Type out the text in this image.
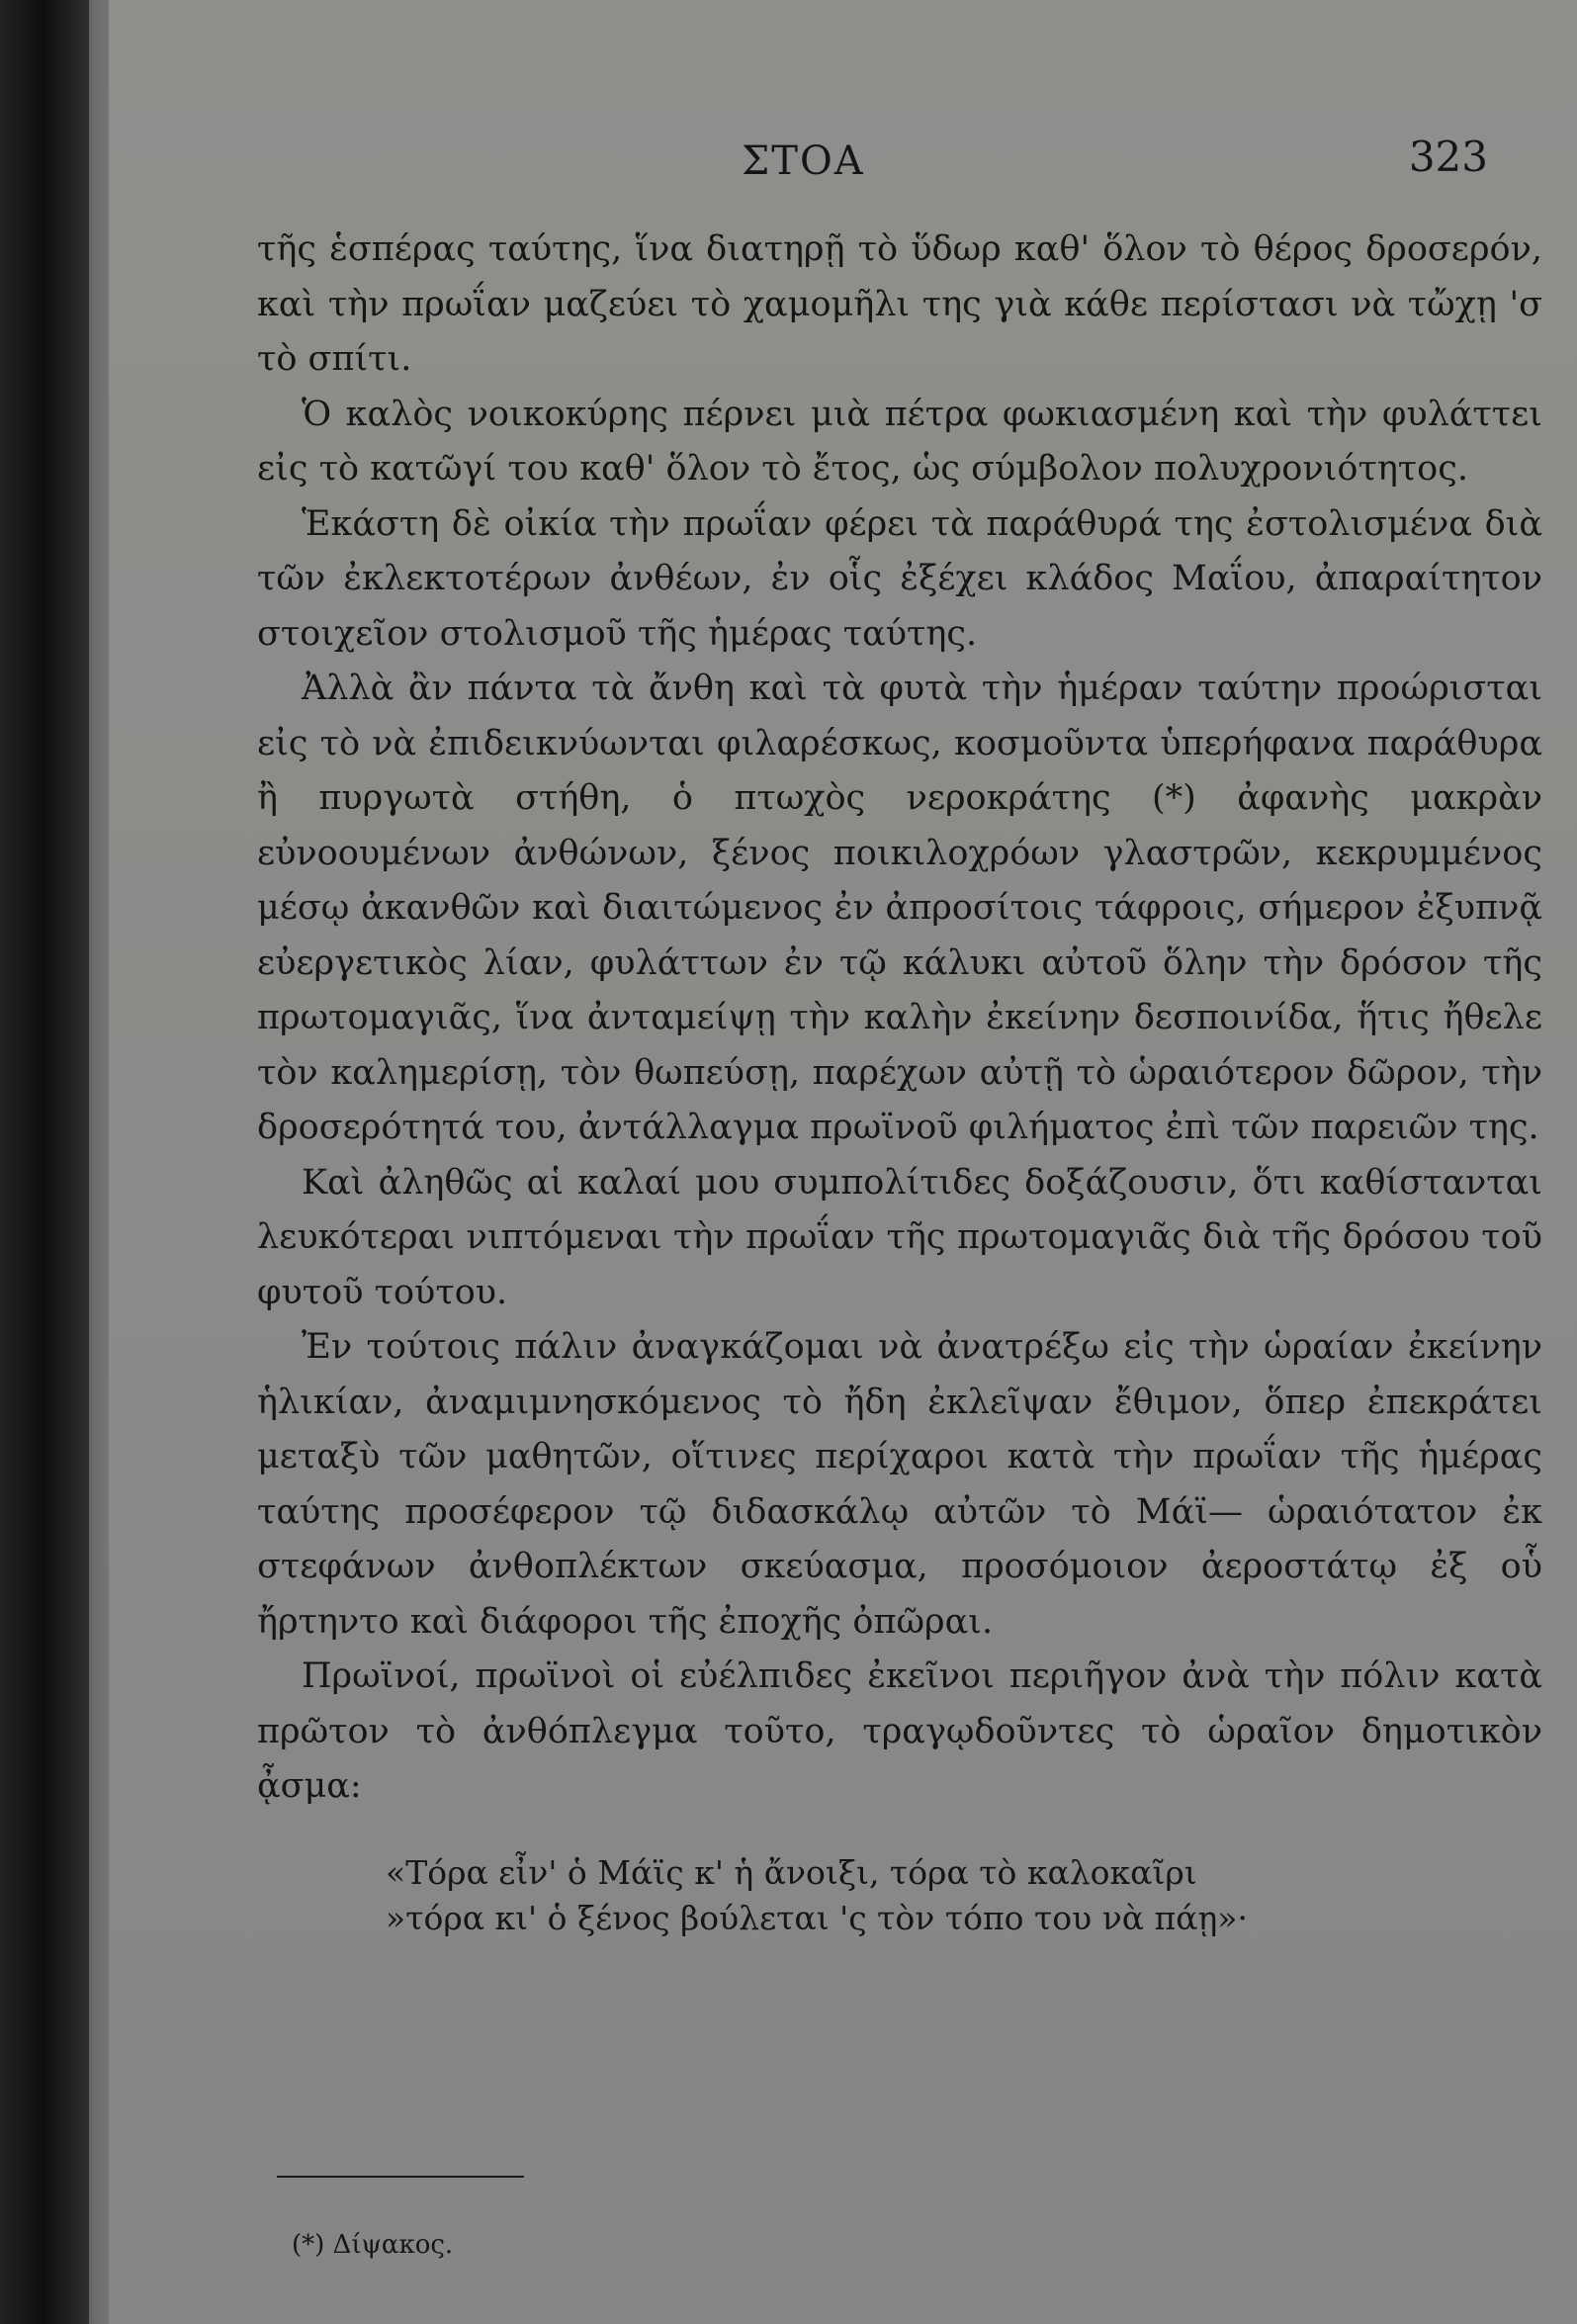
ΣΤΟΑ	323

τῆς ἑσπέρας ταύτης, ἵνα διατηρῇ τὸ ὕδωρ καθ' ὅλον τὸ θέρος δροσερόν, καὶ τὴν πρωΐαν μαζεύει τὸ χαμομῆλι της γιὰ κάθε περίστασι νὰ τὤχῃ 'σ τὸ σπίτι.

Ὁ καλὸς νοικοκύρης πέρνει μιὰ πέτρα φωκιασμένη καὶ τὴν φυλάττει εἰς τὸ κατῶγί του καθ' ὅλον τὸ ἔτος, ὡς σύμβολον πολυχρονιότητος.

Ἑκάστη δὲ οἰκία τὴν πρωΐαν φέρει τὰ παράθυρά της ἐστολισμένα διὰ τῶν ἐκλεκτοτέρων ἀνθέων, ἐν οἷς ἐξέχει κλάδος Μαΐου, ἀπαραίτητον στοιχεῖον στολισμοῦ τῆς ἡμέρας ταύτης.

Ἀλλὰ ἂν πάντα τὰ ἄνθη καὶ τὰ φυτὰ τὴν ἡμέραν ταύτην προώρισται εἰς τὸ νὰ ἐπιδεικνύωνται φιλαρέσκως, κοσμοῦντα ὑπερήφανα παράθυρα ἢ πυργωτὰ στήθη, ὁ πτωχὸς νεροκράτης (*) ἀφανὴς μακρὰν εὐνοουμένων ἀνθώνων, ξένος ποικιλοχρόων γλαστρῶν, κεκρυμμένος μέσῳ ἀκανθῶν καὶ διαιτώμενος ἐν ἀπροσίτοις τάφροις, σήμερον ἐξυπνᾷ εὐεργετικὸς λίαν, φυλάττων ἐν τῷ κάλυκι αὐτοῦ ὅλην τὴν δρόσον τῆς πρωτομαγιᾶς, ἵνα ἀνταμείψῃ τὴν καλὴν ἐκείνην δεσποινίδα, ἥτις ἤθελε τὸν καλημερίσῃ, τὸν θωπεύσῃ, παρέχων αὐτῇ τὸ ὡραιότερον δῶρον, τὴν δροσερότητά του, ἀντάλλαγμα πρωϊνοῦ φιλήματος ἐπὶ τῶν παρειῶν της.

Καὶ ἀληθῶς αἱ καλαί μου συμπολίτιδες δοξάζουσιν, ὅτι καθίστανται λευκότεραι νιπτόμεναι τὴν πρωΐαν τῆς πρωτομαγιᾶς διὰ τῆς δρόσου τοῦ φυτοῦ τούτου.

Ἐν τούτοις πάλιν ἀναγκάζομαι νὰ ἀνατρέξω εἰς τὴν ὡραίαν ἐκείνην ἡλικίαν, ἀναμιμνησκόμενος τὸ ἤδη ἐκλεῖψαν ἔθιμον, ὅπερ ἐπεκράτει μεταξὺ τῶν μαθητῶν, οἵτινες περίχαροι κατὰ τὴν πρωΐαν τῆς ἡμέρας ταύτης προσέφερον τῷ διδασκάλῳ αὐτῶν τὸ Μάϊ— ὡραιότατον ἐκ στεφάνων ἀνθοπλέκτων σκεύασμα, προσόμοιον ἀεροστάτῳ ἐξ οὗ ἤρτηντο καὶ διάφοροι τῆς ἐποχῆς ὀπῶραι.

Πρωϊνοί, πρωϊνοὶ οἱ εὐέλπιδες ἐκεῖνοι περιῆγον ἀνὰ τὴν πόλιν κατὰ πρῶτον τὸ ἀνθόπλεγμα τοῦτο, τραγῳδοῦντες τὸ ὡραῖον δημοτικὸν ᾆσμα:

«Τόρα εἶν' ὁ Μάϊς κ' ἡ ἄνοιξι, τόρα τὸ καλοκαῖρι
»τόρα κι' ὁ ξένος βούλεται 'ς τὸν τόπο του νὰ πάῃ»·
(*) Δίψακος.
